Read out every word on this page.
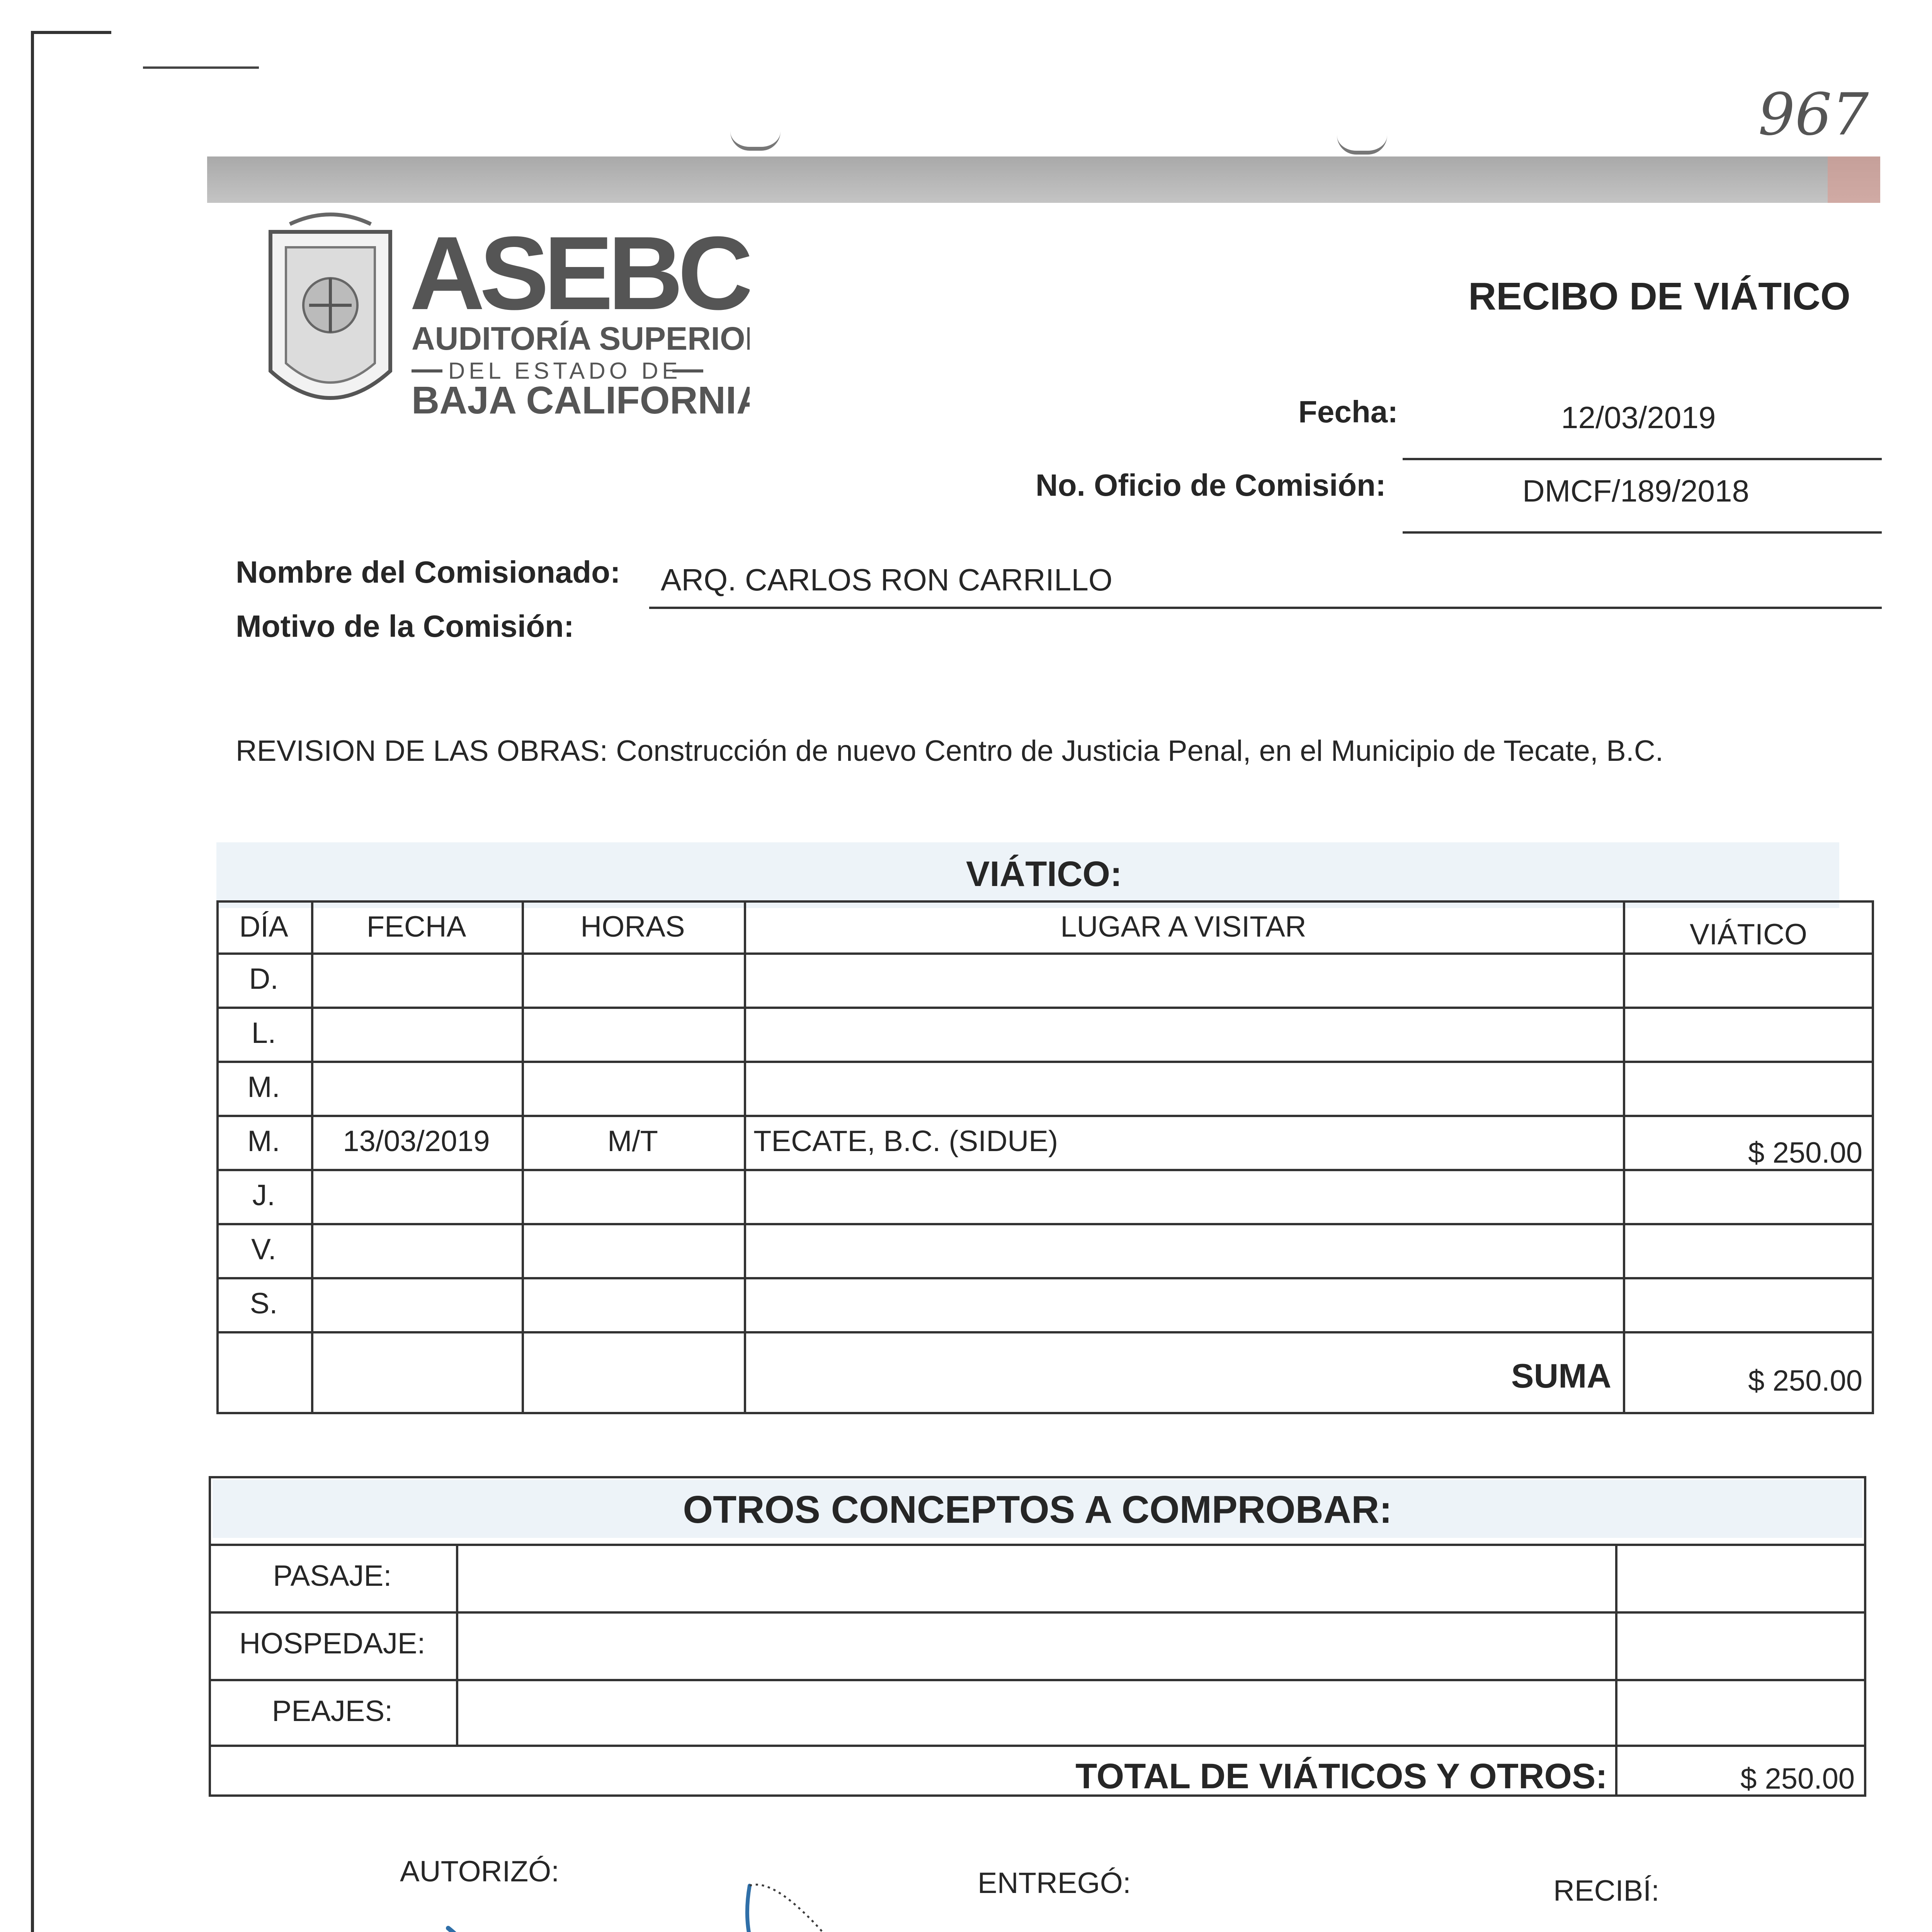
967
ASEBC
AUDITORÍA SUPERIOR
DEL ESTADO DE
BAJA CALIFORNIA
RECIBO DE VIÁTICO
Fecha:	12/03/2019
No. Oficio de Comisión:	DMCF/189/2018
Nombre del Comisionado: ARQ. CARLOS RON CARRILLO
Motivo de la Comisión:
REVISION DE LAS OBRAS: Construcción de nuevo Centro de Justicia Penal, en el Municipio de Tecate, B.C.
VIÁTICO:
DÍA	FECHA	HORAS	LUGAR A VISITAR	VIÁTICO
D.
L.
M.
M.	13/03/2019	M/T	TECATE, B.C. (SIDUE)	$ 250.00
J.
V.
S.
SUMA	$ 250.00
OTROS CONCEPTOS A COMPROBAR:
PASAJE:
HOSPEDAJE:
PEAJES:
TOTAL DE VIÁTICOS Y OTROS:	$ 250.00
AUTORIZÓ:	ENTREGÓ:	RECIBÍ:
